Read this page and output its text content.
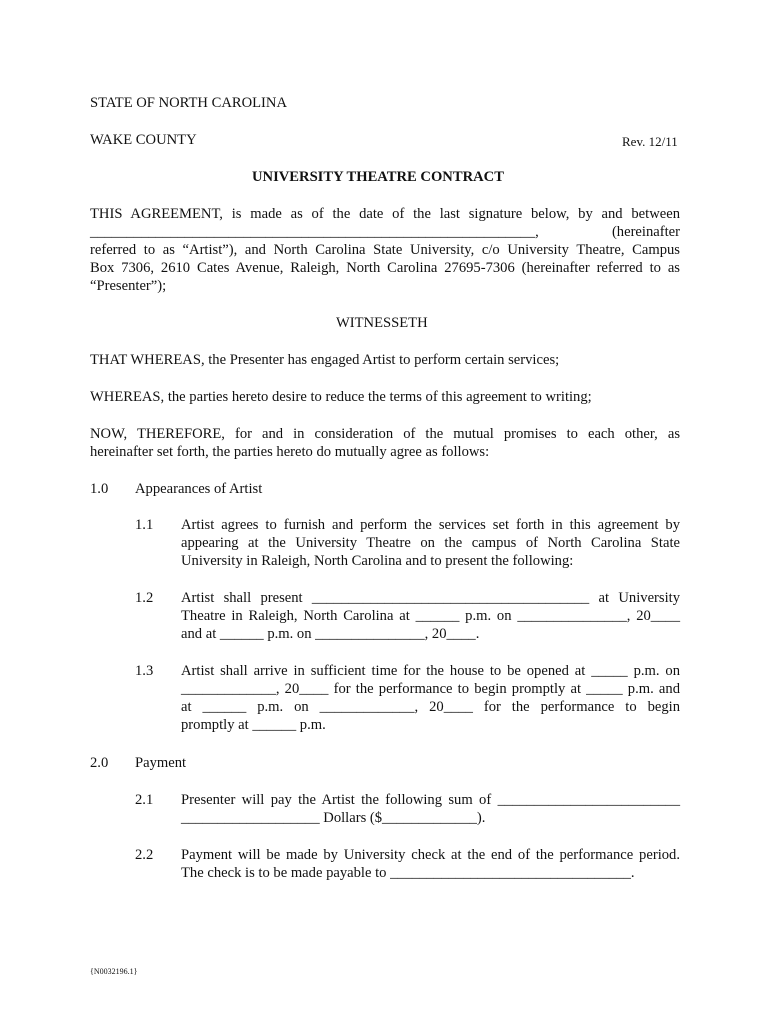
STATE OF NORTH CAROLINA
WAKE COUNTY	Rev. 12/11
UNIVERSITY THEATRE CONTRACT
THIS AGREEMENT, is made as of the date of the last signature below, by and between
_____________________________________________________________, (hereinafter
referred to as “Artist”), and North Carolina State University, c/o University Theatre, Campus
Box 7306, 2610 Cates Avenue, Raleigh, North Carolina 27695-7306 (hereinafter referred to as
“Presenter”);
WITNESSETH
THAT WHEREAS, the Presenter has engaged Artist to perform certain services;
WHEREAS, the parties hereto desire to reduce the terms of this agreement to writing;
NOW, THEREFORE, for and in consideration of the mutual promises to each other, as
hereinafter set forth, the parties hereto do mutually agree as follows:
1.0 Appearances of Artist
1.1 Artist agrees to furnish and perform the services set forth in this agreement by
appearing at the University Theatre on the campus of North Carolina State
University in Raleigh, North Carolina and to present the following:
1.2 Artist shall present ______________________________________ at University
Theatre in Raleigh, North Carolina at ______ p.m. on _______________, 20____
and at ______ p.m. on _______________, 20____.
1.3 Artist shall arrive in sufficient time for the house to be opened at _____ p.m. on
_____________, 20____ for the performance to begin promptly at _____ p.m. and
at ______ p.m. on _____________, 20____ for the performance to begin
promptly at ______ p.m.
2.0 Payment
2.1 Presenter will pay the Artist the following sum of _________________________
___________________ Dollars ($_____________).
2.2 Payment will be made by University check at the end of the performance period.
The check is to be made payable to _________________________________.
{N0032196.1}
